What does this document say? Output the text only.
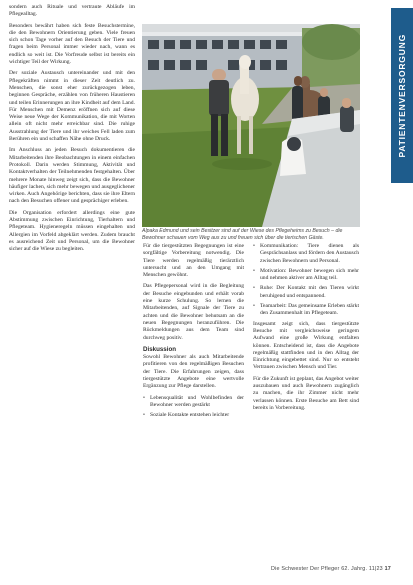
sondern auch Rituale und vertraute Abläufe im Pflegealltag.

Besonders bewährt haben sich feste Besuchstermine, die den Bewohnern Orientierung geben. Viele freuen sich schon Tage vorher auf den Besuch der Tiere und fragen beim Personal immer wieder nach, wann es endlich so weit ist. Die Vorfreude selbst ist bereits ein wichtiger Teil der Wirkung.

Der soziale Austausch untereinander und mit den Pflegekräften nimmt in dieser Zeit deutlich zu. Menschen, die sonst eher zurückgezogen leben, beginnen Gespräche, erzählen von früheren Haustieren und teilen Erinnerungen an ihre Kindheit auf dem Land. Für Menschen mit Demenz eröffnen sich auf diese Weise neue Wege der Kommunikation, die mit Worten allein oft nicht mehr erreichbar sind. Die ruhige Ausstrahlung der Tiere und ihr weiches Fell laden zum Berühren ein und schaffen Nähe ohne Druck.

Im Anschluss an jeden Besuch dokumentieren die Mitarbeitenden ihre Beobachtungen in einem einfachen Protokoll. Darin werden Stimmung, Aktivität und Kontaktverhalten der Teilnehmenden festgehalten. Über mehrere Monate hinweg zeigt sich, dass die Bewohner häufiger lachen, sich mehr bewegen und ausgeglichener wirken. Auch Angehörige berichten, dass sie ihre Eltern nach den Besuchen offener und gesprächiger erleben.

Die Organisation erfordert allerdings eine gute Abstimmung zwischen Einrichtung, Tierhaltern und Pflegeteam. Hygieneregeln müssen eingehalten und Allergien im Vorfeld abgeklärt werden. Zudem braucht es ausreichend Zeit und Personal, um die Bewohner sicher auf die Wiese zu begleiten.

Alpaka Edmund und sein Besitzer sind auf der Wiese des Pflegeheims zu Besuch – die Bewohner schauen vom Weg aus zu und freuen sich über die tierischen Gäste.

Für die tiergestützten Begegnungen ist eine sorgfältige Vorbereitung notwendig. Die Tiere werden regelmäßig tierärztlich untersucht und an den Umgang mit Menschen gewöhnt.

Das Pflegepersonal wird in die Begleitung der Besuche eingebunden und erhält vorab eine kurze Schulung. So lernen die Mitarbeitenden, auf Signale der Tiere zu achten und die Bewohner behutsam an die neuen Begegnungen heranzuführen. Die Rückmeldungen aus dem Team sind durchweg positiv.

Diskussion

Sowohl Bewohner als auch Mitarbeitende profitieren von den regelmäßigen Besuchen der Tiere. Die Erfahrungen zeigen, dass tiergestützte Angebote eine wertvolle Ergänzung zur Pflege darstellen.

• Lebensqualität und Wohlbefinden der Bewohner werden gestärkt
• Soziale Kontakte entstehen leichter
• Kommunikation: Tiere dienen als Gesprächsanlass und fördern den Austausch zwischen Bewohnern und Personal.
• Motivation: Bewohner bewegen sich mehr und nehmen aktiver am Alltag teil.
• Ruhe: Der Kontakt mit den Tieren wirkt beruhigend und entspannend.
• Teamarbeit: Das gemeinsame Erleben stärkt den Zusammenhalt im Pflegeteam.

Insgesamt zeigt sich, dass tiergestützte Besuche mit vergleichsweise geringem Aufwand eine große Wirkung entfalten können. Entscheidend ist, dass die Angebote regelmäßig stattfinden und in den Alltag der Einrichtung eingebettet sind. Nur so entsteht Vertrauen zwischen Mensch und Tier.

Für die Zukunft ist geplant, das Angebot weiter auszubauen und auch Bewohnern zugänglich zu machen, die ihr Zimmer nicht mehr verlassen können. Erste Besuche am Bett sind bereits in Vorbereitung.

PATIENTENVERSORGUNG
Die Schwester Der Pfleger 62. Jahrg. 11|23 17
